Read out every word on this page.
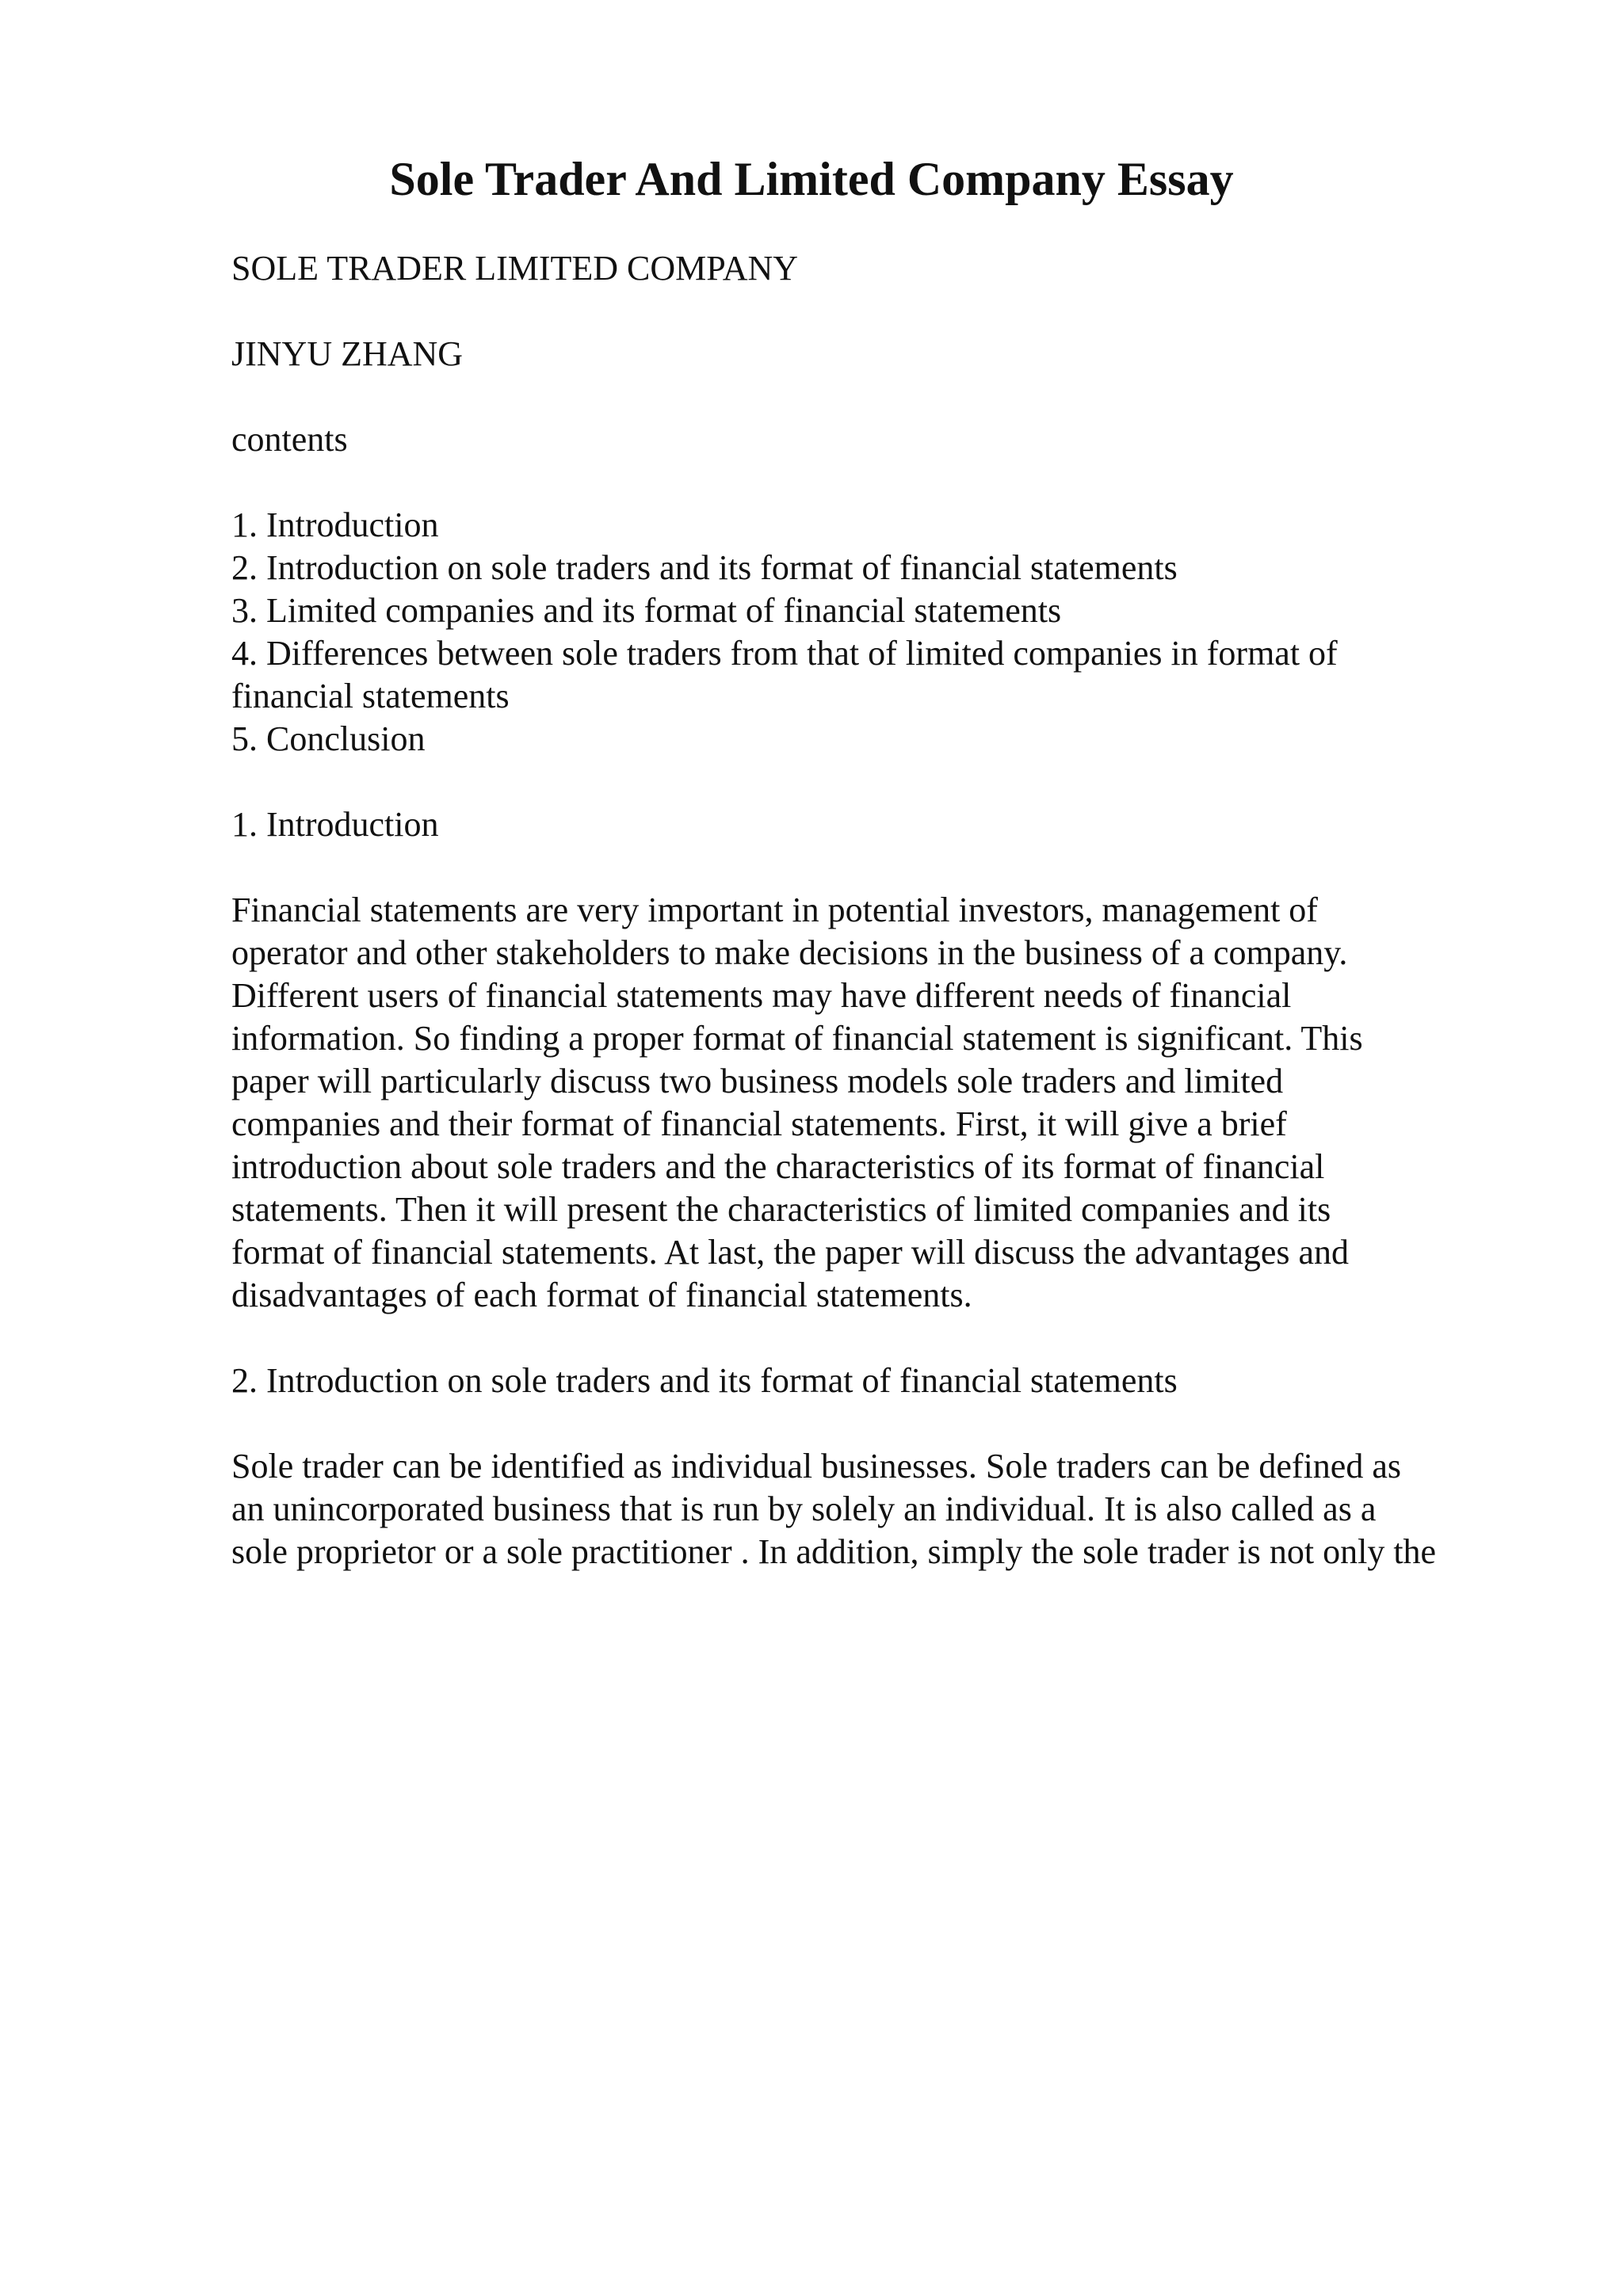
Sole Trader And Limited Company Essay

SOLE TRADER LIMITED COMPANY

JINYU ZHANG

contents

1. Introduction

2. Introduction on sole traders and its format of financial statements

3. Limited companies and its format of financial statements

4. Differences between sole traders from that of limited companies in format of

financial statements

5. Conclusion

1. Introduction

Financial statements are very important in potential investors, management of

operator and other stakeholders to make decisions in the business of a company.

Different users of financial statements may have different needs of financial

information. So finding a proper format of financial statement is significant. This

paper will particularly discuss two business models sole traders and limited

companies and their format of financial statements. First, it will give a brief

introduction about sole traders and the characteristics of its format of financial

statements. Then it will present the characteristics of limited companies and its

format of financial statements. At last, the paper will discuss the advantages and

disadvantages of each format of financial statements.

2. Introduction on sole traders and its format of financial statements

Sole trader can be identified as individual businesses. Sole traders can be defined as

an unincorporated business that is run by solely an individual. It is also called as a

sole proprietor or a sole practitioner . In addition, simply the sole trader is not only the
